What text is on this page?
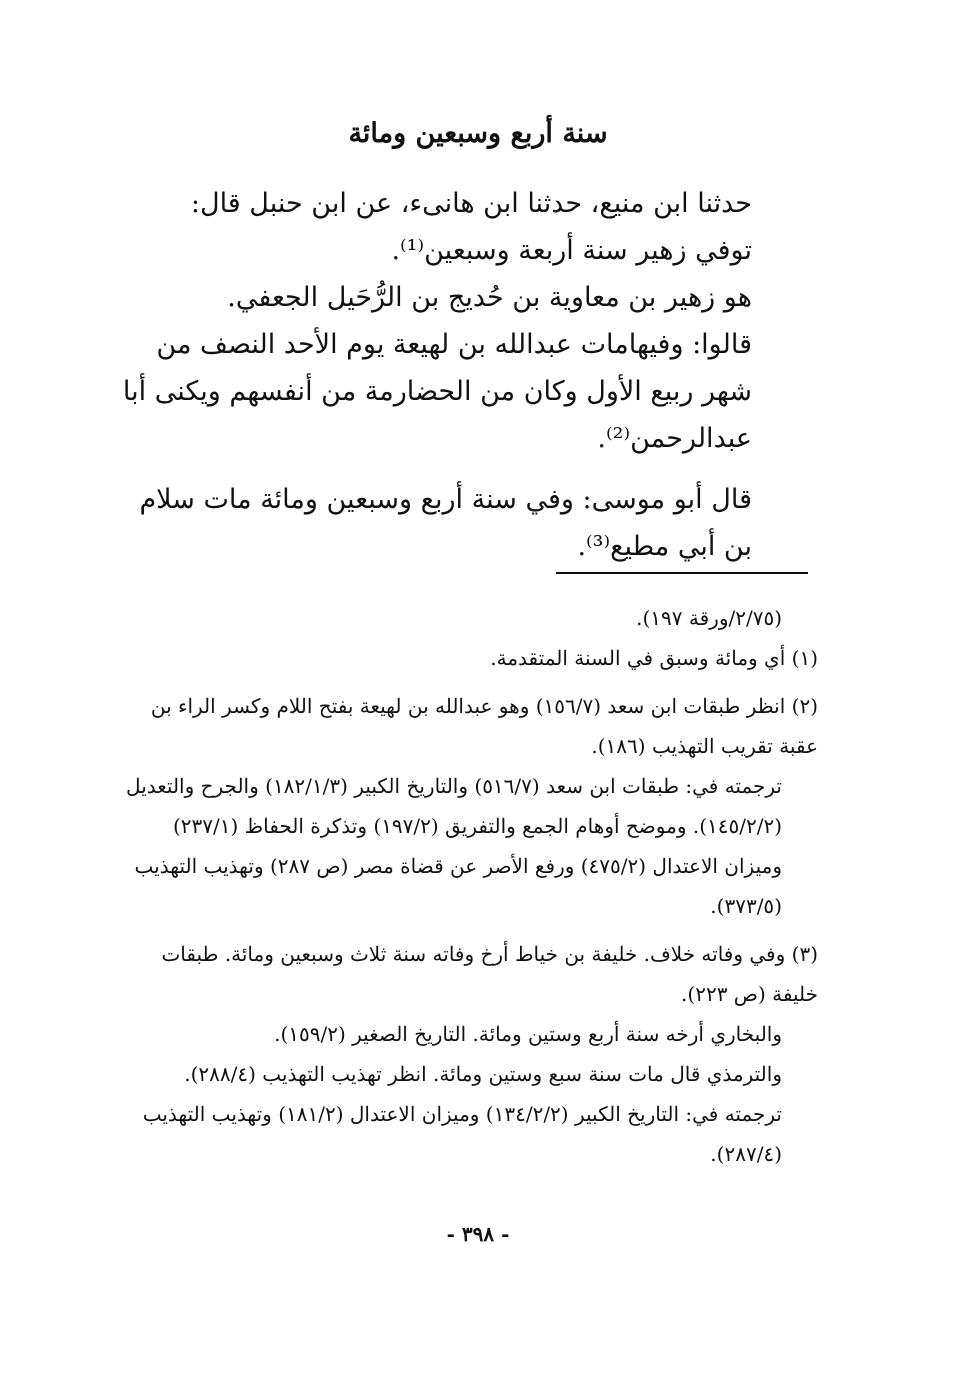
سنة أربع وسبعين ومائة

حدثنا ابن منيع، حدثنا ابن هانىء، عن ابن حنبل قال:

توفي زهير سنة أربعة وسبعين⁽¹⁾.

هو زهير بن معاوية بن حُديج بن الرُّحَيل الجعفي.

قالوا: وفيهامات عبدالله بن لهيعة يوم الأحد النصف من شهر ربيع الأول وكان من الحضارمة من أنفسهم ويكنى أبا عبدالرحمن⁽²⁾.

قال أبو موسى: وفي سنة أربع وسبعين ومائة مات سلام بن أبي مطيع⁽³⁾.

(٢/٧٥/ورقة ١٩٧).

(١) أي ومائة وسبق في السنة المتقدمة.

(٢) انظر طبقات ابن سعد (١٥٦/٧) وهو عبدالله بن لهيعة بفتح اللام وكسر الراء بن عقبة تقريب التهذيب (١٨٦).

ترجمته في: طبقات ابن سعد (٥١٦/٧) والتاريخ الكبير (١٨٢/١/٣) والجرح والتعديل (١٤٥/٢/٢). وموضح أوهام الجمع والتفريق (١٩٧/٢) وتذكرة الحفاظ (٢٣٧/١) وميزان الاعتدال (٤٧٥/٢) ورفع الأصر عن قضاة مصر (ص ٢٨٧) وتهذيب التهذيب (٣٧٣/٥).

(٣) وفي وفاته خلاف. خليفة بن خياط أرخ وفاته سنة ثلاث وسبعين ومائة. طبقات خليفة (ص ٢٢٣).

والبخاري أرخه سنة أربع وستين ومائة. التاريخ الصغير (١٥٩/٢).

والترمذي قال مات سنة سبع وستين ومائة. انظر تهذيب التهذيب (٢٨٨/٤).

ترجمته في: التاريخ الكبير (١٣٤/٢/٢) وميزان الاعتدال (١٨١/٢) وتهذيب التهذيب (٢٨٧/٤).

- ٣٩٨ -
